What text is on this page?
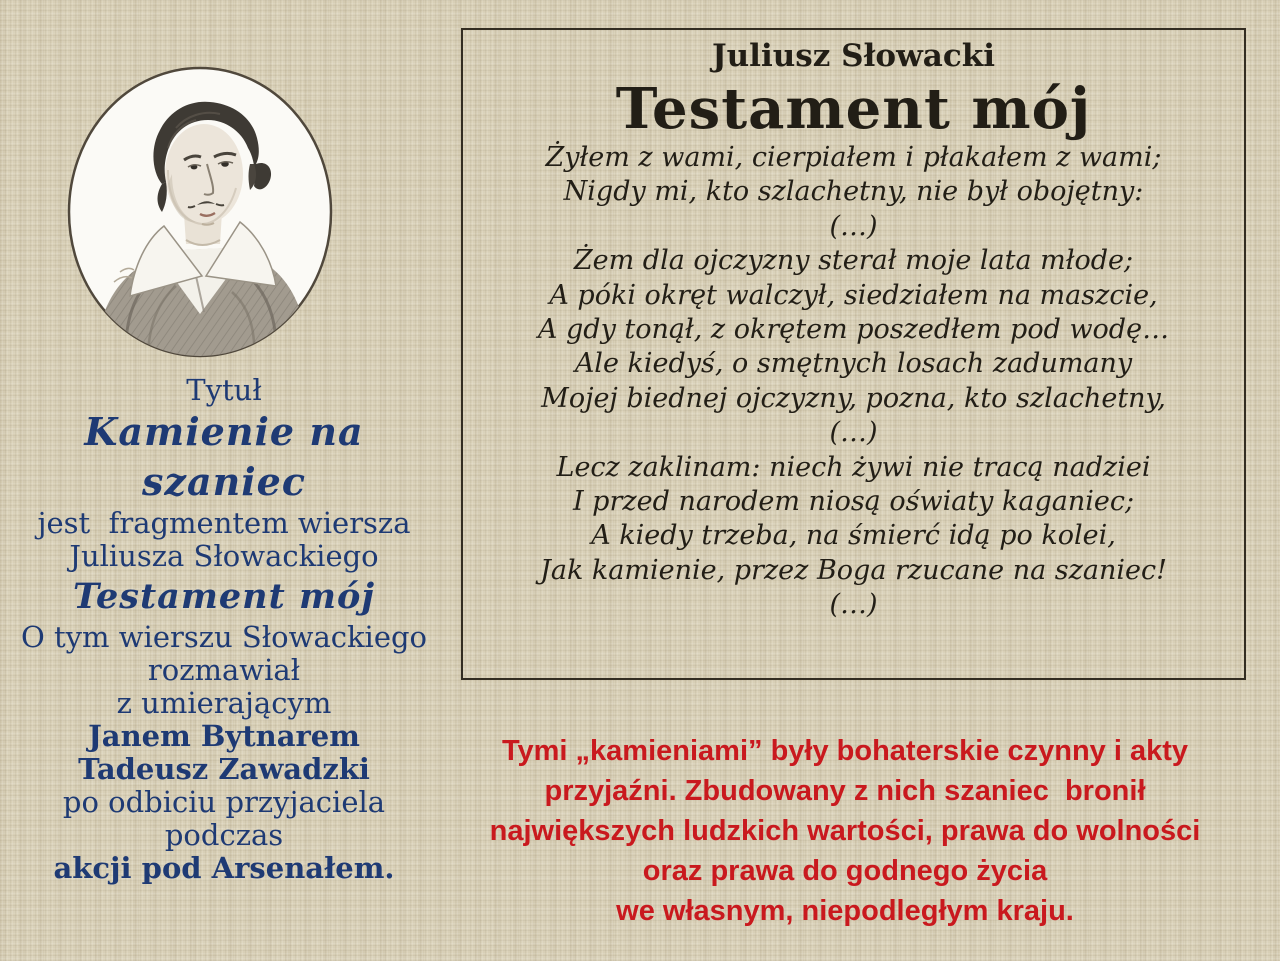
Tytuł
Kamienie na szaniec
jest  fragmentem wiersza
Juliusza Słowackiego
Testament mój
O tym wierszu Słowackiego
rozmawiał
z umierającym
Janem Bytnarem
Tadeusz Zawadzki
po odbiciu przyjaciela
podczas
akcji pod Arsenałem.
Juliusz Słowacki
Testament mój
Żyłem z wami, cierpiałem i płakałem z wami;
Nigdy mi, kto szlachetny, nie był obojętny:
(…)
Żem dla ojczyzny sterał moje lata młode;
A póki okręt walczył, siedziałem na maszcie,
A gdy tonął, z okrętem poszedłem pod wodę…
Ale kiedyś, o smętnych losach zadumany
Mojej biednej ojczyzny, pozna, kto szlachetny,
(…)
Lecz zaklinam: niech żywi nie tracą nadziei
I przed narodem niosą oświaty kaganiec;
A kiedy trzeba, na śmierć idą po kolei,
Jak kamienie, przez Boga rzucane na szaniec!
(…)
Tymi „kamieniami” były bohaterskie czynny i akty
przyjaźni. Zbudowany z nich szaniec  bronił
największych ludzkich wartości, prawa do wolności
oraz prawa do godnego życia
we własnym, niepodległym kraju.
